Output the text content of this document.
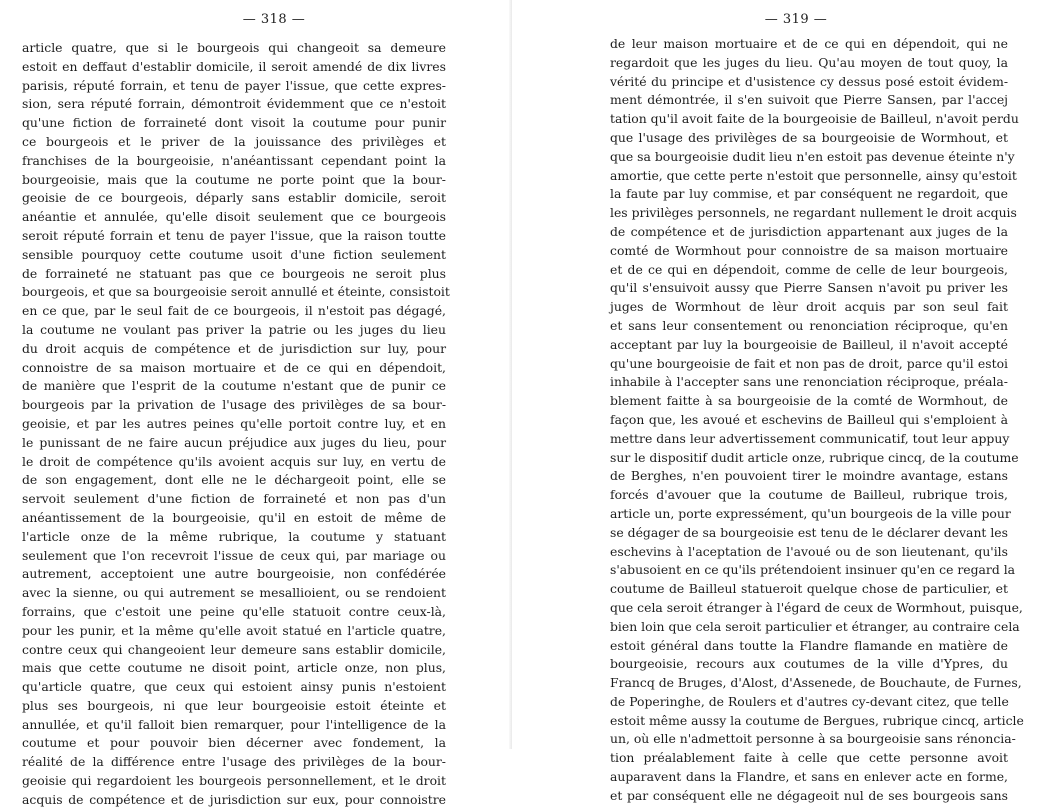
— 318 —
article quatre, que si le bourgeois qui changeoit sa demeure
estoit en deffaut d'establir domicile, il seroit amendé de dix livres
parisis, réputé forrain, et tenu de payer l'issue, que cette expres-
sion, sera réputé forrain, démontroit évidemment que ce n'estoit
qu'une fiction de forraineté dont visoit la coutume pour punir
ce bourgeois et le priver de la jouissance des privilèges et
franchises de la bourgeoisie, n'anéantissant cependant point la
bourgeoisie, mais que la coutume ne porte point que la bour-
geoisie de ce bourgeois, déparly sans establir domicile, seroit
anéantie et annulée, qu'elle disoit seulement que ce bourgeois
seroit réputé forrain et tenu de payer l'issue, que la raison toutte
sensible pourquoy cette coutume usoit d'une fiction seulement
de forraineté ne statuant pas que ce bourgeois ne seroit plus
bourgeois, et que sa bourgeoisie seroit annullé et éteinte, consistoit
en ce que, par le seul fait de ce bourgeois, il n'estoit pas dégagé,
la coutume ne voulant pas priver la patrie ou les juges du lieu
du droit acquis de compétence et de jurisdiction sur luy, pour
connoistre de sa maison mortuaire et de ce qui en dépendoit,
de manière que l'esprit de la coutume n'estant que de punir ce
bourgeois par la privation de l'usage des privilèges de sa bour-
geoisie, et par les autres peines qu'elle portoit contre luy, et en
le punissant de ne faire aucun préjudice aux juges du lieu, pour
le droit de compétence qu'ils avoient acquis sur luy, en vertu de
de son engagement, dont elle ne le déchargeoit point, elle se
servoit seulement d'une fiction de forraineté et non pas d'un
anéantissement de la bourgeoisie, qu'il en estoit de même de
l'article onze de la même rubrique, la coutume y statuant
seulement que l'on recevroit l'issue de ceux qui, par mariage ou
autrement, acceptoient une autre bourgeoisie, non confédérée
avec la sienne, ou qui autrement se mesallioient, ou se rendoient
forrains, que c'estoit une peine qu'elle statuoit contre ceux-là,
pour les punir, et la même qu'elle avoit statué en l'article quatre,
contre ceux qui changeoient leur demeure sans establir domicile,
mais que cette coutume ne disoit point, article onze, non plus,
qu'article quatre, que ceux qui estoient ainsy punis n'estoient
plus ses bourgeois, ni que leur bourgeoisie estoit éteinte et
annullée, et qu'il falloit bien remarquer, pour l'intelligence de la
coutume et pour pouvoir bien décerner avec fondement, la
réalité de la différence entre l'usage des privilèges de la bour-
geoisie qui regardoient les bourgeois personnellement, et le droit
acquis de compétence et de jurisdiction sur eux, pour connoistre
— 319 —
de leur maison mortuaire et de ce qui en dépendoit, qui ne
regardoit que les juges du lieu. Qu'au moyen de tout quoy, la
vérité du principe et d'usistence cy dessus posé estoit évidem-
ment démontrée, il s'en suivoit que Pierre Sansen, par l'accej
tation qu'il avoit faite de la bourgeoisie de Bailleul, n'avoit perdu
que l'usage des privilèges de sa bourgeoisie de Wormhout, et
que sa bourgeoisie dudit lieu n'en estoit pas devenue éteinte n'y
amortie, que cette perte n'estoit que personnelle, ainsy qu'estoit
la faute par luy commise, et par conséquent ne regardoit, que
les privilèges personnels, ne regardant nullement le droit acquis
de compétence et de jurisdiction appartenant aux juges de la
comté de Wormhout pour connoistre de sa maison mortuaire
et de ce qui en dépendoit, comme de celle de leur bourgeois,
qu'il s'ensuivoit aussy que Pierre Sansen n'avoit pu priver les
juges de Wormhout de lèur droit acquis par son seul fait
et sans leur consentement ou renonciation réciproque, qu'en
acceptant par luy la bourgeoisie de Bailleul, il n'avoit accepté
qu'une bourgeoisie de fait et non pas de droit, parce qu'il estoi
inhabile à l'accepter sans une renonciation réciproque, préala-
blement faitte à sa bourgeoisie de la comté de Wormhout, de
façon que, les avoué et eschevins de Bailleul qui s'emploient à
mettre dans leur advertissement communicatif, tout leur appuy
sur le dispositif dudit article onze, rubrique cincq, de la coutume
de Berghes, n'en pouvoient tirer le moindre avantage, estans
forcés d'avouer que la coutume de Bailleul, rubrique trois,
article un, porte expressément, qu'un bourgeois de la ville pour
se dégager de sa bourgeoisie est tenu de le déclarer devant les
eschevins à l'aceptation de l'avoué ou de son lieutenant, qu'ils
s'abusoient en ce qu'ils prétendoient insinuer qu'en ce regard la
coutume de Bailleul statueroit quelque chose de particulier, et
que cela seroit étranger à l'égard de ceux de Wormhout, puisque,
bien loin que cela seroit particulier et étranger, au contraire cela
estoit général dans toutte la Flandre flamande en matière de
bourgeoisie, recours aux coutumes de la ville d'Ypres, du
Francq de Bruges, d'Alost, d'Assenede, de Bouchaute, de Furnes,
de Poperinghe, de Roulers et d'autres cy-devant citez, que telle
estoit même aussy la coutume de Bergues, rubrique cincq, article
un, où elle n'admettoit personne à sa bourgeoisie sans rénoncia-
tion préalablement faite à celle que cette personne avoit
auparavent dans la Flandre, et sans en enlever acte en forme,
et par conséquent elle ne dégageoit nul de ses bourgeois sans
